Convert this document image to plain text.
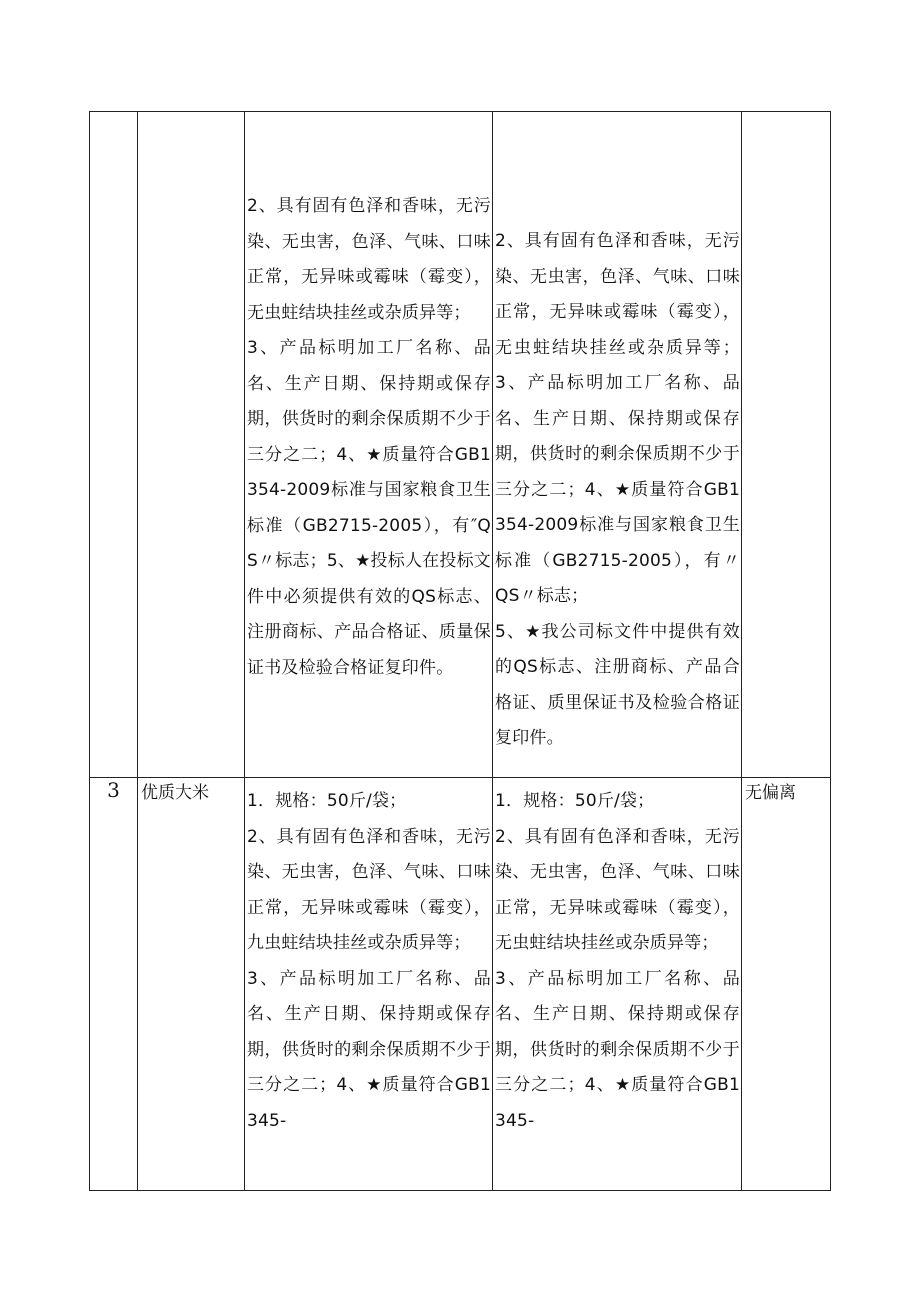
		2、具有固有色泽和香味，无污染、无虫害，色泽、气味、口味正常，无异味或霉味（霉变），无虫蛀结块挂丝或杂质异等；
3、产品标明加工厂名称、品名、生产日期、保持期或保存期，供货时的剩余保质期不少于三分之二；4、★质量符合GB1354-2009标准与国家粮食卫生标准（GB2715-2005），有″QS〃标志；5、★投标人在投标文件中必须提供有效的QS标志、注册商标、产品合格证、质量保证书及检验合格证复印件。	2、具有固有色泽和香味，无污染、无虫害，色泽、气味、口味正常，无异味或霉味（霉变），无虫蛀结块挂丝或杂质异等；3、产品标明加工厂名称、品名、生产日期、保持期或保存期，供货时的剩余保质期不少于三分之二；4、★质量符合GB1354-2009标准与国家粮食卫生标准（GB2715-2005），有〃QS〃标志；
5、★我公司标文件中提供有效的QS标志、注册商标、产品合格证、质里保证书及检验合格证复印件。	

3	优质大米	1．规格：50斤/袋；
2、具有固有色泽和香味，无污染、无虫害，色泽、气味、口味正常，无异味或霉味（霉变），九虫蛀结块挂丝或杂质异等；
3、产品标明加工厂名称、品名、生产日期、保持期或保存期，供货时的剩余保质期不少于三分之二；4、★质量符合GB1345-	1．规格：50斤/袋；
2、具有固有色泽和香味，无污染、无虫害，色泽、气味、口味正常，无异味或霉味（霉变），无虫蛀结块挂丝或杂质异等；
3、产品标明加工厂名称、品名、生产日期、保持期或保存期，供货时的剩余保质期不少于三分之二；4、★质量符合GB1345-	无偏离
